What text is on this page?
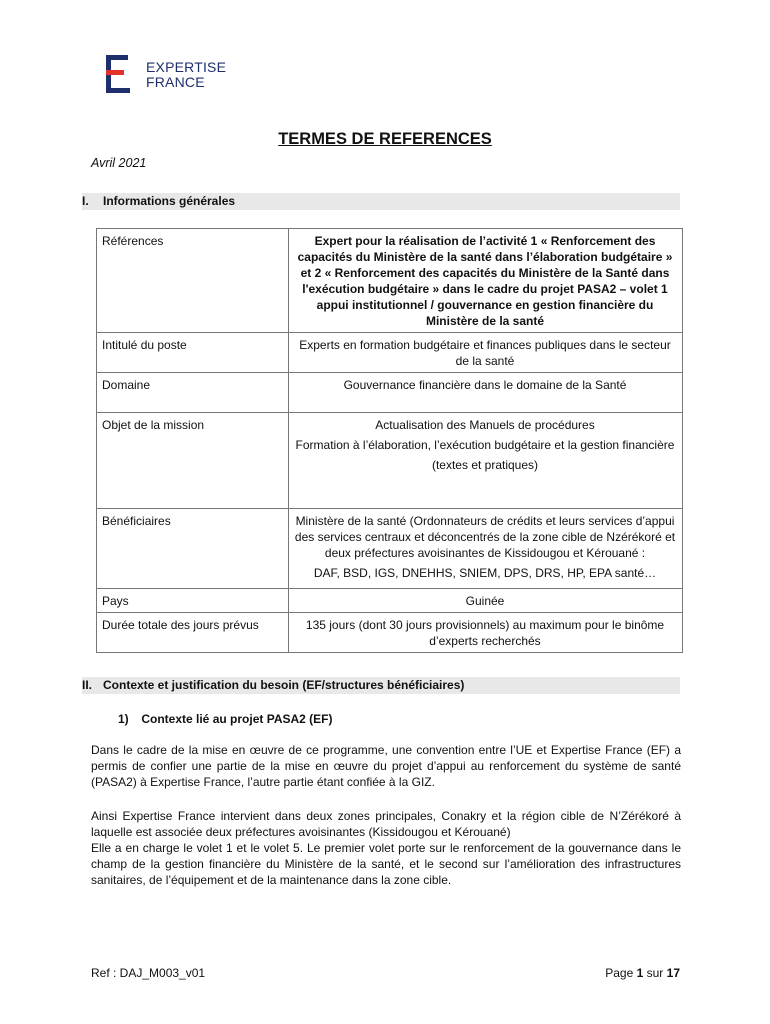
EXPERTISE
FRANCE
TERMES DE REFERENCES
Avril 2021
I. Informations générales
Références	Expert pour la réalisation de l’activité 1 « Renforcement des capacités du Ministère de la santé dans l’élaboration budgétaire » et 2 « Renforcement des capacités du Ministère de la Santé dans l'exécution budgétaire » dans le cadre du projet PASA2 – volet 1 appui institutionnel / gouvernance en gestion financière du Ministère de la santé

Intitulé du poste	Experts en formation budgétaire et finances publiques dans le secteur de la santé

Domaine	Gouvernance financière dans le domaine de la Santé

Objet de la mission	Actualisation des Manuels de procédures

Formation à l’élaboration, l’exécution budgétaire et la gestion financière

(textes et pratiques)

Bénéficiaires	Ministère de la santé (Ordonnateurs de crédits et leurs services d’appui des services centraux et déconcentrés de la zone cible de Nzérékoré et deux préfectures avoisinantes de Kissidougou et Kérouané :

DAF, BSD, IGS, DNEHHS, SNIEM, DPS, DRS, HP, EPA santé…

Pays	Guinée

Durée totale des jours prévus	135 jours (dont 30 jours provisionnels) au maximum pour le binôme d’experts recherchés

II. Contexte et justification du besoin (EF/structures bénéficiaires)
1) Contexte lié au projet PASA2 (EF)

Dans le cadre de la mise en œuvre de ce programme, une convention entre l’UE et Expertise France (EF) a permis de confier une partie de la mise en œuvre du projet d’appui au renforcement du système de santé (PASA2) à Expertise France, l’autre partie étant confiée à la GIZ.

Ainsi Expertise France intervient dans deux zones principales, Conakry et la région cible de N’Zérékoré à laquelle est associée deux préfectures avoisinantes (Kissidougou et Kérouané)

Elle a en charge le volet 1 et le volet 5. Le premier volet porte sur le renforcement de la gouvernance dans le champ de la gestion financière du Ministère de la santé, et le second sur l’amélioration des infrastructures sanitaires, de l’équipement et de la maintenance dans la zone cible.

Ref : DAJ_M003_v01	Page 1 sur 17
